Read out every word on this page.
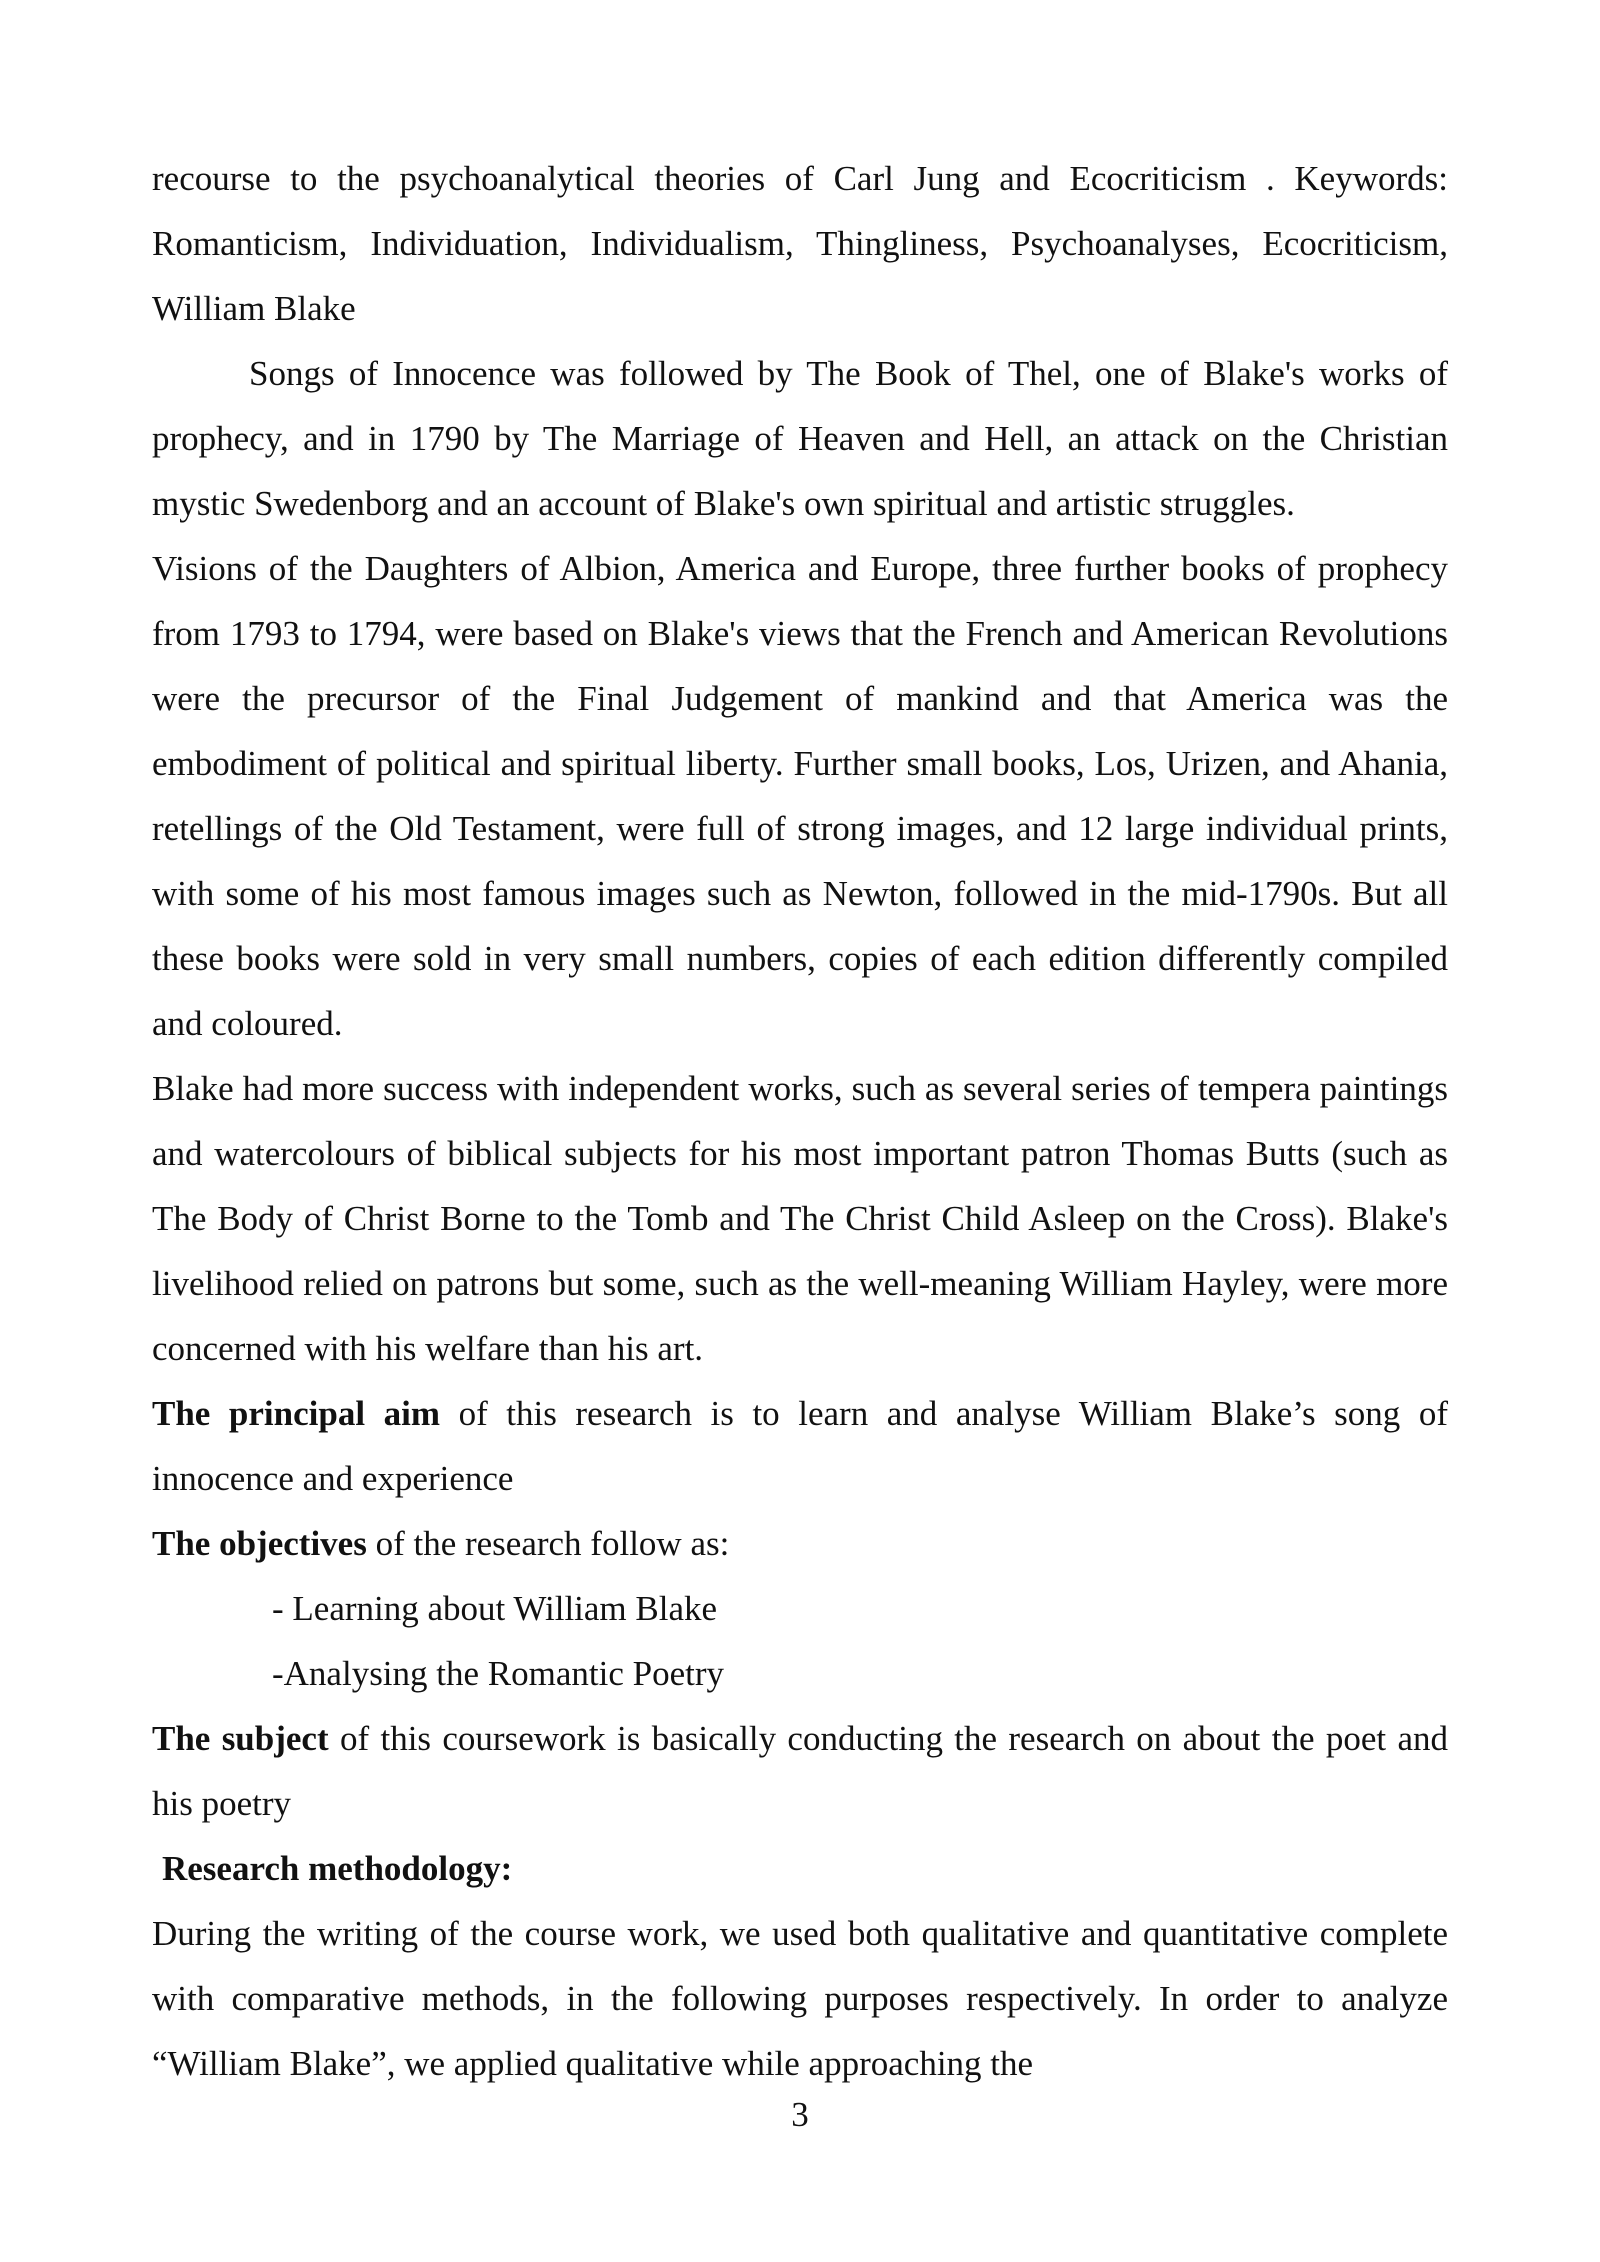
recourse to the psychoanalytical theories of Carl Jung and Ecocriticism . Keywords: Romanticism, Individuation, Individualism, Thingliness, Psychoanalyses, Ecocriticism, William Blake

Songs of Innocence was followed by The Book of Thel, one of Blake's works of prophecy, and in 1790 by The Marriage of Heaven and Hell, an attack on the Christian mystic Swedenborg and an account of Blake's own spiritual and artistic struggles.

Visions of the Daughters of Albion, America and Europe, three further books of prophecy from 1793 to 1794, were based on Blake's views that the French and American Revolutions were the precursor of the Final Judgement of mankind and that America was the embodiment of political and spiritual liberty. Further small books, Los, Urizen, and Ahania, retellings of the Old Testament, were full of strong images, and 12 large individual prints, with some of his most famous images such as Newton, followed in the mid-1790s. But all these books were sold in very small numbers, copies of each edition differently compiled and coloured.

Blake had more success with independent works, such as several series of tempera paintings and watercolours of biblical subjects for his most important patron Thomas Butts (such as The Body of Christ Borne to the Tomb and The Christ Child Asleep on the Cross). Blake's livelihood relied on patrons but some, such as the well-meaning William Hayley, were more concerned with his welfare than his art.

The principal aim of this research is to learn and analyse William Blake’s song of innocence and experience

The objectives of the research follow as:

- Learning about William Blake

-Analysing the Romantic Poetry

The subject of this coursework is basically conducting the research on about the poet and his poetry

Research methodology:

During the writing of the course work, we used both qualitative and quantitative complete with comparative methods, in the following purposes respectively. In order to analyze “William Blake”, we applied qualitative while approaching the

3
